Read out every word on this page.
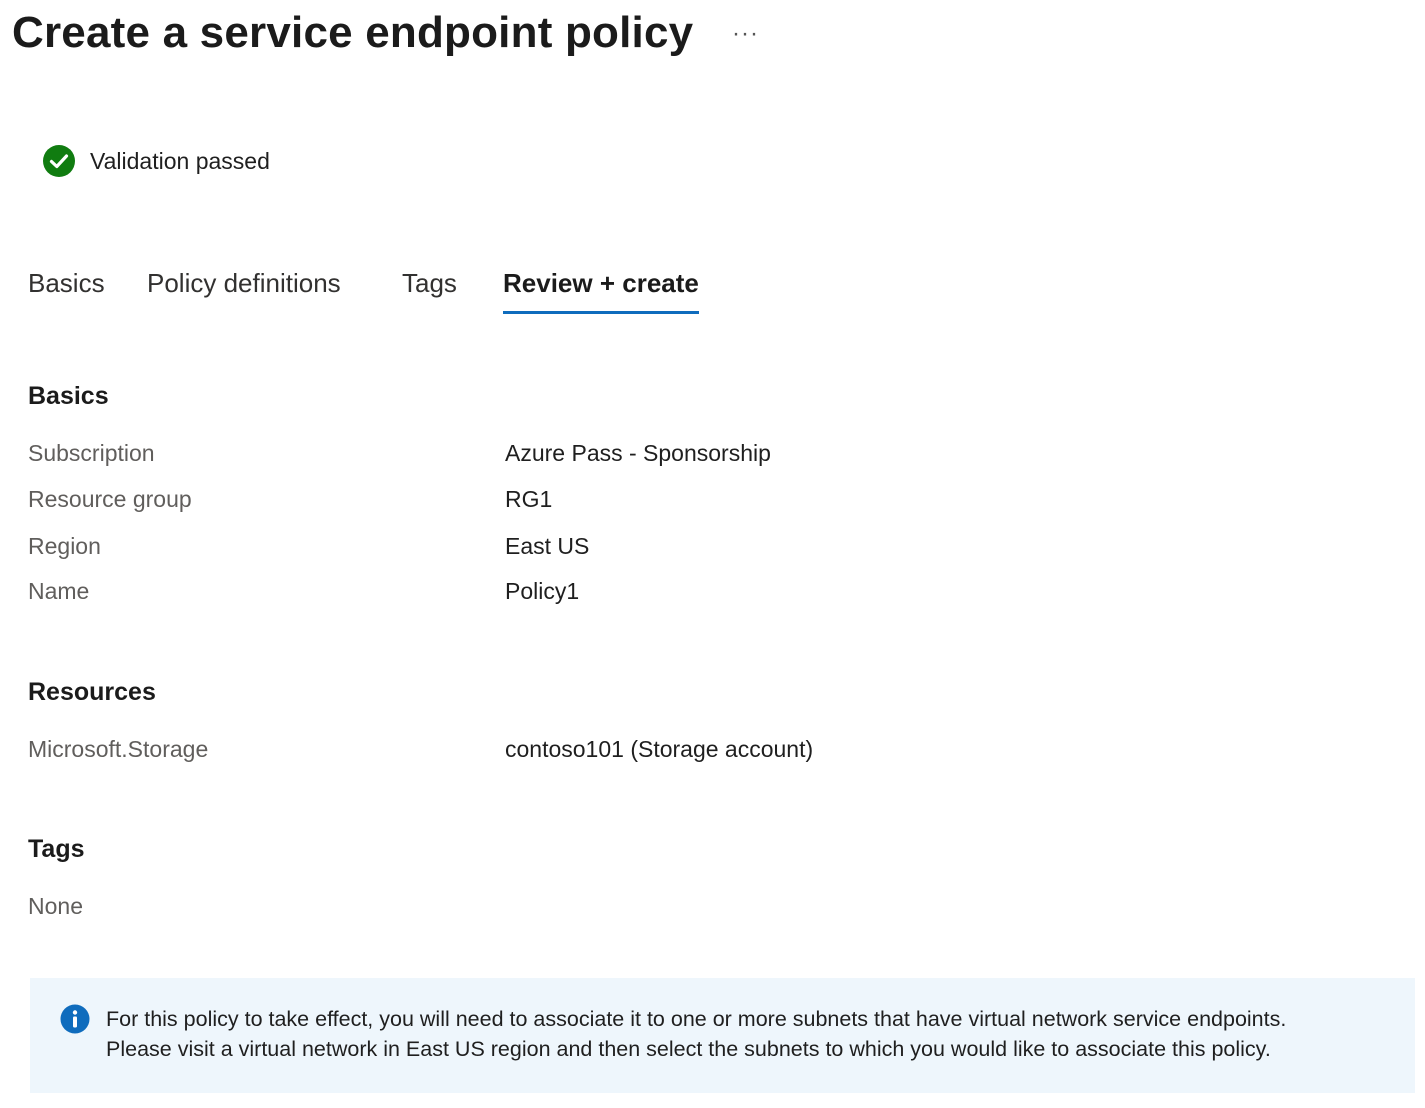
Create a service endpoint policy ···
Validation passed
Basics Policy definitions Tags Review + create
Basics
Subscription	Azure Pass - Sponsorship
Resource group	RG1
Region	East US
Name	Policy1
Resources
Microsoft.Storage	contoso101 (Storage account)
Tags
None
For this policy to take effect, you will need to associate it to one or more subnets that have virtual network service endpoints.
Please visit a virtual network in East US region and then select the subnets to which you would like to associate this policy.
